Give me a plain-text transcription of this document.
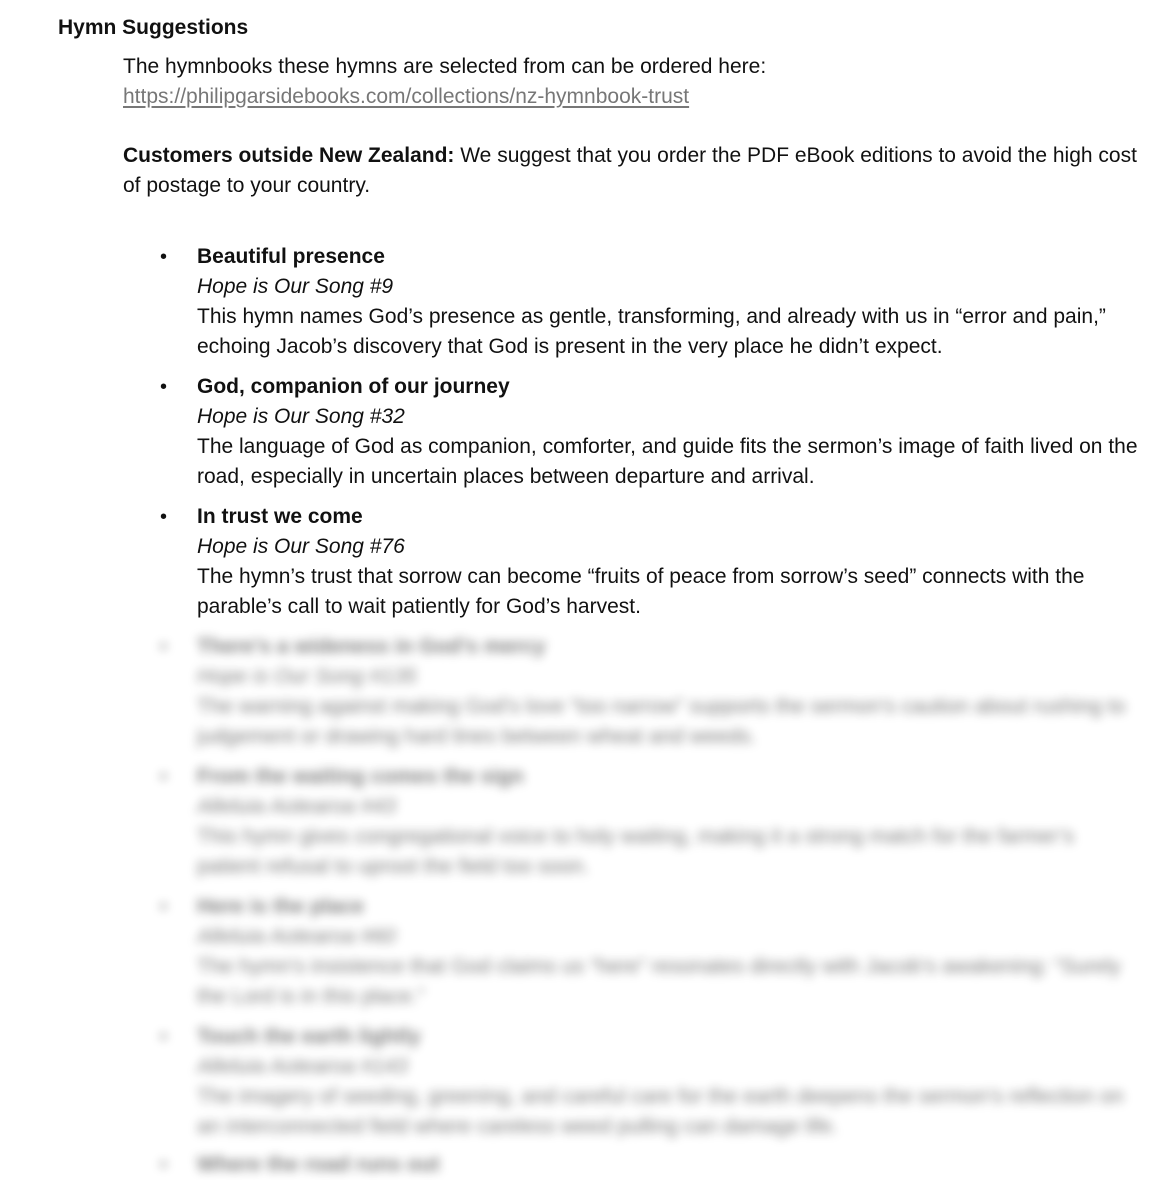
Hymn Suggestions

The hymnbooks these hymns are selected from can be ordered here:

https://philipgarsidebooks.com/collections/nz-hymnbook-trust

Customers outside New Zealand: We suggest that you order the PDF eBook editions to avoid the high cost of postage to your country.

•	Beautiful presence
Hope is Our Song #9
This hymn names God’s presence as gentle, transforming, and already with us in “error and pain,” echoing Jacob’s discovery that God is present in the very place he didn’t expect.
•	God, companion of our journey
Hope is Our Song #32
The language of God as companion, comforter, and guide fits the sermon’s image of faith lived on the road, especially in uncertain places between departure and arrival.
•	In trust we come
Hope is Our Song #76
The hymn’s trust that sorrow can become “fruits of peace from sorrow’s seed” connects with the parable’s call to wait patiently for God’s harvest.
•	There’s a wideness in God’s mercy
Hope is Our Song #135
The warning against making God’s love “too narrow” supports the sermon’s caution about rushing to judgement or drawing hard lines between wheat and weeds.
•	From the waiting comes the sign
Alleluia Aotearoa #43
This hymn gives congregational voice to holy waiting, making it a strong match for the farmer’s patient refusal to uproot the field too soon.
•	Here is the place
Alleluia Aotearoa #60
The hymn’s insistence that God claims us “here” resonates directly with Jacob’s awakening: “Surely the Lord is in this place.”
•	Touch the earth lightly
Alleluia Aotearoa #143
The imagery of seeding, greening, and careful care for the earth deepens the sermon’s reflection on an interconnected field where careless weed pulling can damage life.
•	Where the road runs out
